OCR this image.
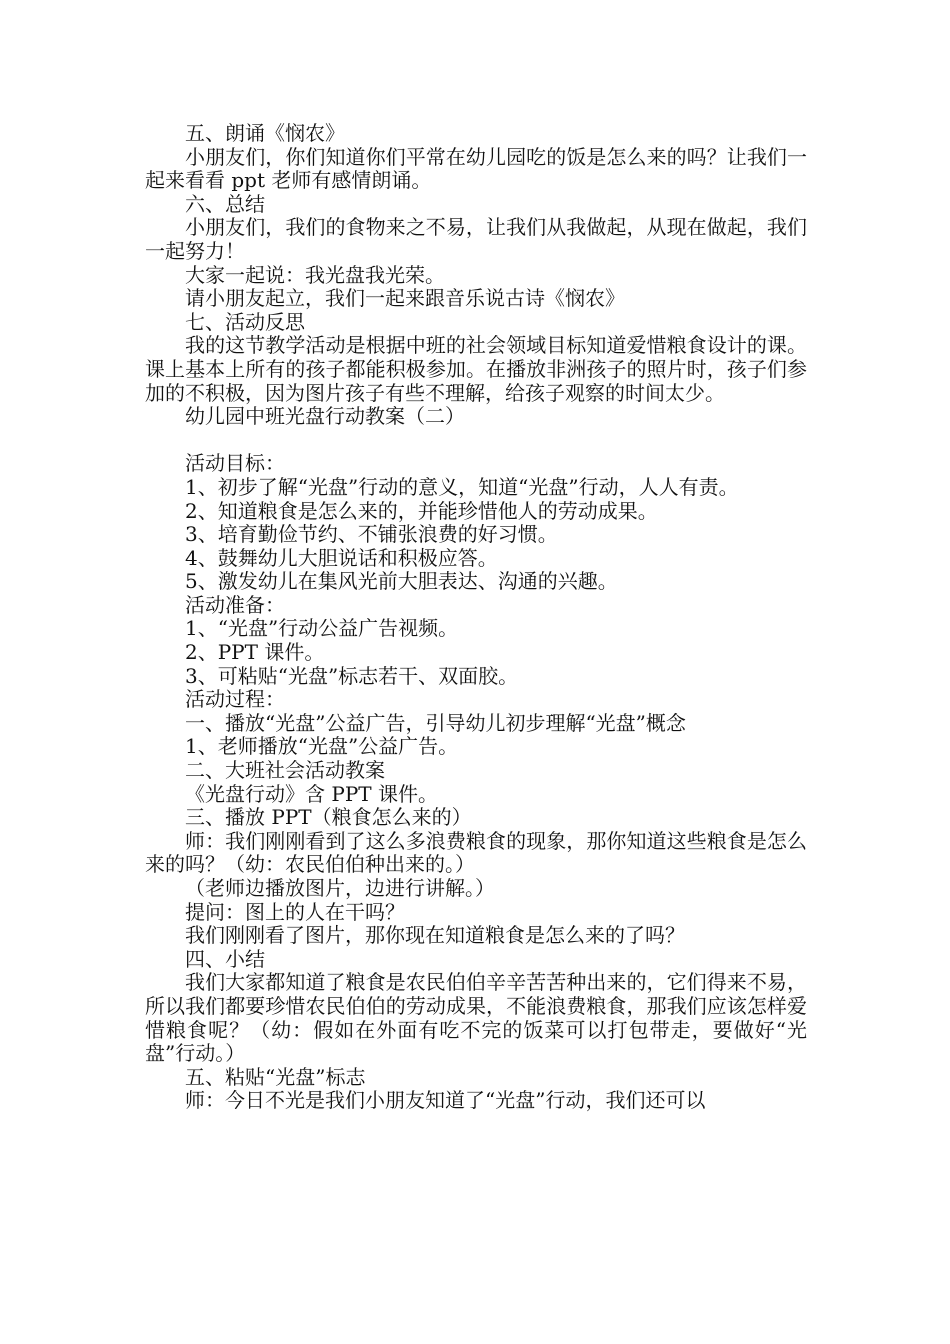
五、朗诵《悯农》

小朋友们，你们知道你们平常在幼儿园吃的饭是怎么来的吗？让我们一起来看看 ppt 老师有感情朗诵。

六、总结

小朋友们，我们的食物来之不易，让我们从我做起，从现在做起，我们一起努力！

大家一起说：我光盘我光荣。

请小朋友起立，我们一起来跟音乐说古诗《悯农》

七、活动反思

我的这节教学活动是根据中班的社会领域目标知道爱惜粮食设计的课。课上基本上所有的孩子都能积极参加。在播放非洲孩子的照片时，孩子们参加的不积极，因为图片孩子有些不理解，给孩子观察的时间太少。

幼儿园中班光盘行动教案（二）

活动目标：

1、初步了解“光盘”行动的意义，知道“光盘”行动，人人有责。

2、知道粮食是怎么来的，并能珍惜他人的劳动成果。

3、培育勤俭节约、不铺张浪费的好习惯。

4、鼓舞幼儿大胆说话和积极应答。

5、激发幼儿在集风光前大胆表达、沟通的兴趣。

活动准备：

1、“光盘”行动公益广告视频。

2、PPT 课件。

3、可粘贴“光盘”标志若干、双面胶。

活动过程：

一、播放“光盘”公益广告，引导幼儿初步理解“光盘”概念

1、老师播放“光盘”公益广告。

二、大班社会活动教案

《光盘行动》含 PPT 课件。

三、播放 PPT（粮食怎么来的）

师：我们刚刚看到了这么多浪费粮食的现象，那你知道这些粮食是怎么来的吗？（幼：农民伯伯种出来的。）

（老师边播放图片，边进行讲解。）

提问：图上的人在干吗？

我们刚刚看了图片，那你现在知道粮食是怎么来的了吗？

四、小结

我们大家都知道了粮食是农民伯伯辛辛苦苦种出来的，它们得来不易，所以我们都要珍惜农民伯伯的劳动成果，不能浪费粮食，那我们应该怎样爱惜粮食呢？（幼：假如在外面有吃不完的饭菜可以打包带走，要做好“光盘”行动。）

五、粘贴“光盘”标志

师：今日不光是我们小朋友知道了“光盘”行动，我们还可以
